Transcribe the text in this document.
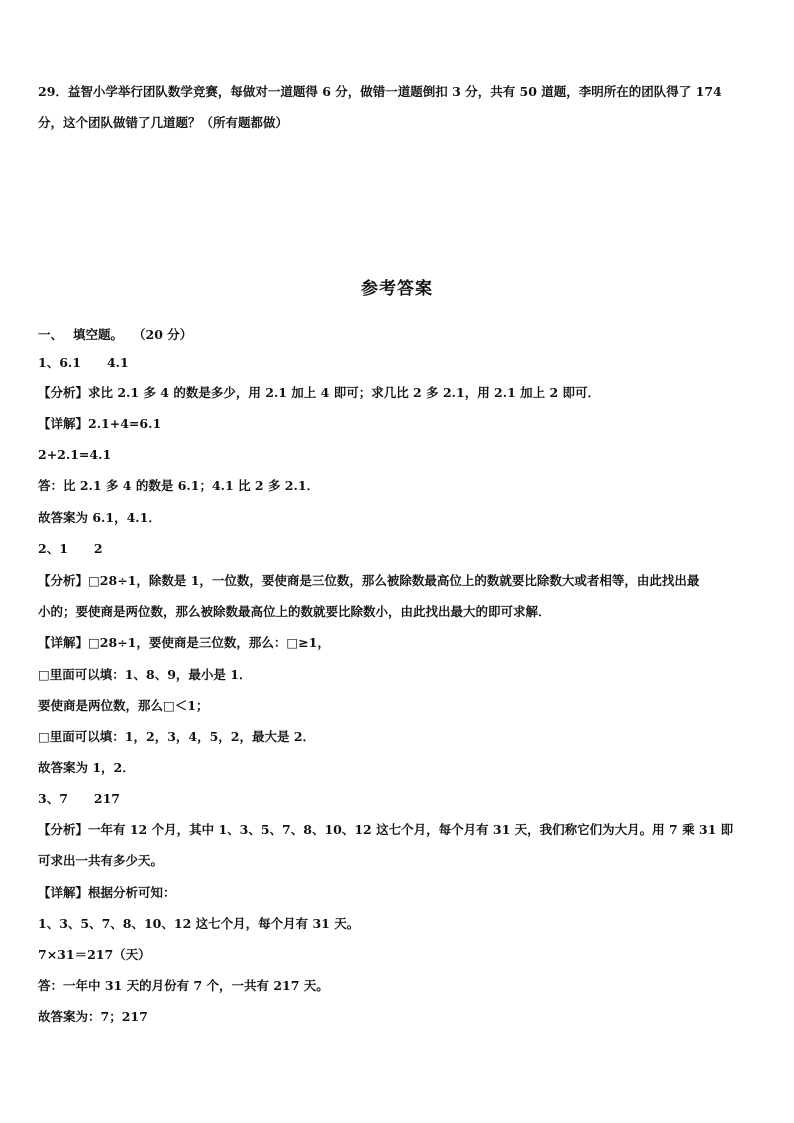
29．益智小学举行团队数学竞赛，每做对一道题得 6 分，做错一道题倒扣 3 分，共有 50 道题，李明所在的团队得了 174
分，这个团队做错了几道题？（所有题都做）
参考答案
一、 填空题。 （20 分）
1、6.1 4.1
【分析】求比 2.1 多 4 的数是多少，用 2.1 加上 4 即可；求几比 2 多 2.1，用 2.1 加上 2 即可．
【详解】2.1+4=6.1
2+2.1=4.1
答：比 2.1 多 4 的数是 6.1；4.1 比 2 多 2.1．
故答案为 6.1，4.1．
2、1 2
【分析】□28÷1，除数是 1，一位数，要使商是三位数，那么被除数最高位上的数就要比除数大或者相等，由此找出最
小的；要使商是两位数，那么被除数最高位上的数就要比除数小，由此找出最大的即可求解．
【详解】□28÷1，要使商是三位数，那么：□≥1，
□里面可以填：1、8、9，最小是 1．
要使商是两位数，那么□＜1；
□里面可以填：1，2，3，4，5，2，最大是 2．
故答案为 1，2．
3、7 217
【分析】一年有 12 个月，其中 1、3、5、7、8、10、12 这七个月，每个月有 31 天，我们称它们为大月。用 7 乘 31 即
可求出一共有多少天。
【详解】根据分析可知：
1、3、5、7、8、10、12 这七个月，每个月有 31 天。
7×31＝217（天）
答：一年中 31 天的月份有 7 个，一共有 217 天。
故答案为：7；217
